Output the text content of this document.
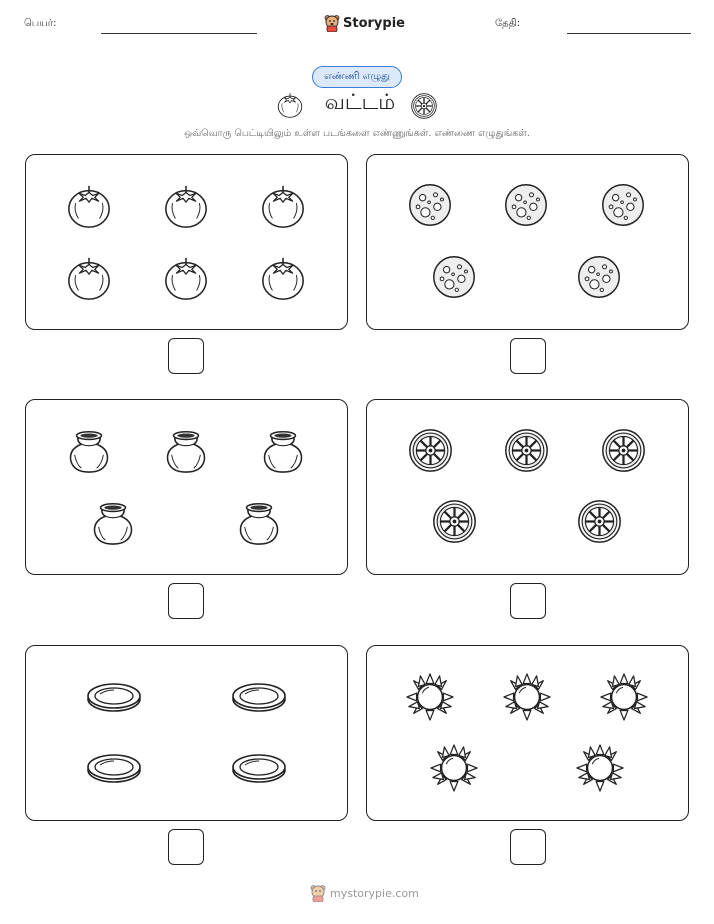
பெயர்:	Storypie	தேதி:
எண்ணி எழுது
வட்டம்
ஒவ்வொரு பெட்டியிலும் உள்ள படங்களை எண்ணுங்கள். எண்ணை எழுதுங்கள்.
mystorypie.com
